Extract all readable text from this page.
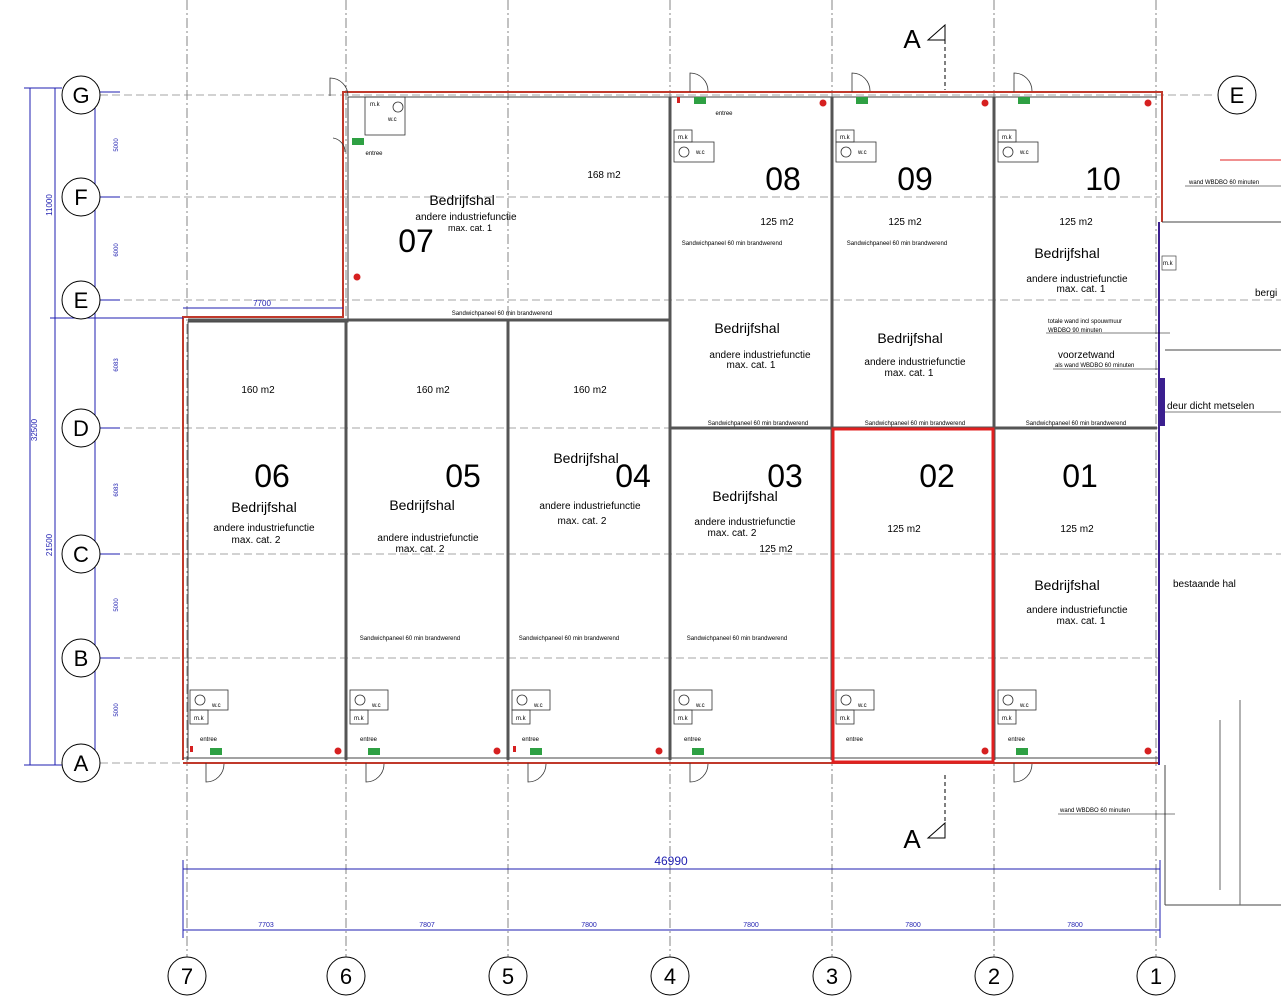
32500
11000
21500
5000
6000
6083
6083
5000
5000
7700
46990
7703	7807	7800	7800	7800	7800
A
A
G
F
E
D
C
B
A
E
7	6	5	4	3	2	1
160 m2
06
Bedrijfshal
andere industriefunctie
max. cat. 2
Sandwichpaneel 60 min brandwerend
160 m2
05
Bedrijfshal
andere industriefunctie
max. cat. 2
Sandwichpaneel 60 min brandwerend
160 m2
Bedrijfshal
04
andere industriefunctie
max. cat. 2
Sandwichpaneel 60 min brandwerend
03
Bedrijfshal
andere industriefunctie
max. cat. 2
125 m2
02
125 m2
01
125 m2
Bedrijfshal
andere industriefunctie
max. cat. 1
entree
168 m2
Bedrijfshal
andere industriefunctie
max. cat. 1
07
Sandwichpaneel 60 min brandwerend
entree
08
125 m2
Sandwichpaneel 60 min brandwerend
Bedrijfshal
andere industriefunctie
max. cat. 1
Sandwichpaneel 60 min brandwerend
09
125 m2
Sandwichpaneel 60 min brandwerend
Bedrijfshal
andere industriefunctie
max. cat. 1
Sandwichpaneel 60 min brandwerend
10
125 m2
Bedrijfshal
andere industriefunctie
max. cat. 1
Sandwichpaneel 60 min brandwerend
wand WBDBO 60 minuten
m.k
bergi
totale wand incl spouwmuur
WBDBO 90 minuten
voorzetwand
als wand WBDBO 60 minuten
deur dicht metselen
bestaande hal
wand WBDBO 60 minuten
w.c
m.k
entree
w.c
m.k
entree
w.c
m.k
entree
w.c
m.k
entree
w.c
m.k
entree
w.c
m.k
entree
m.k
w.c
m.k
w.c
m.k
w.c
m.k
w.c
